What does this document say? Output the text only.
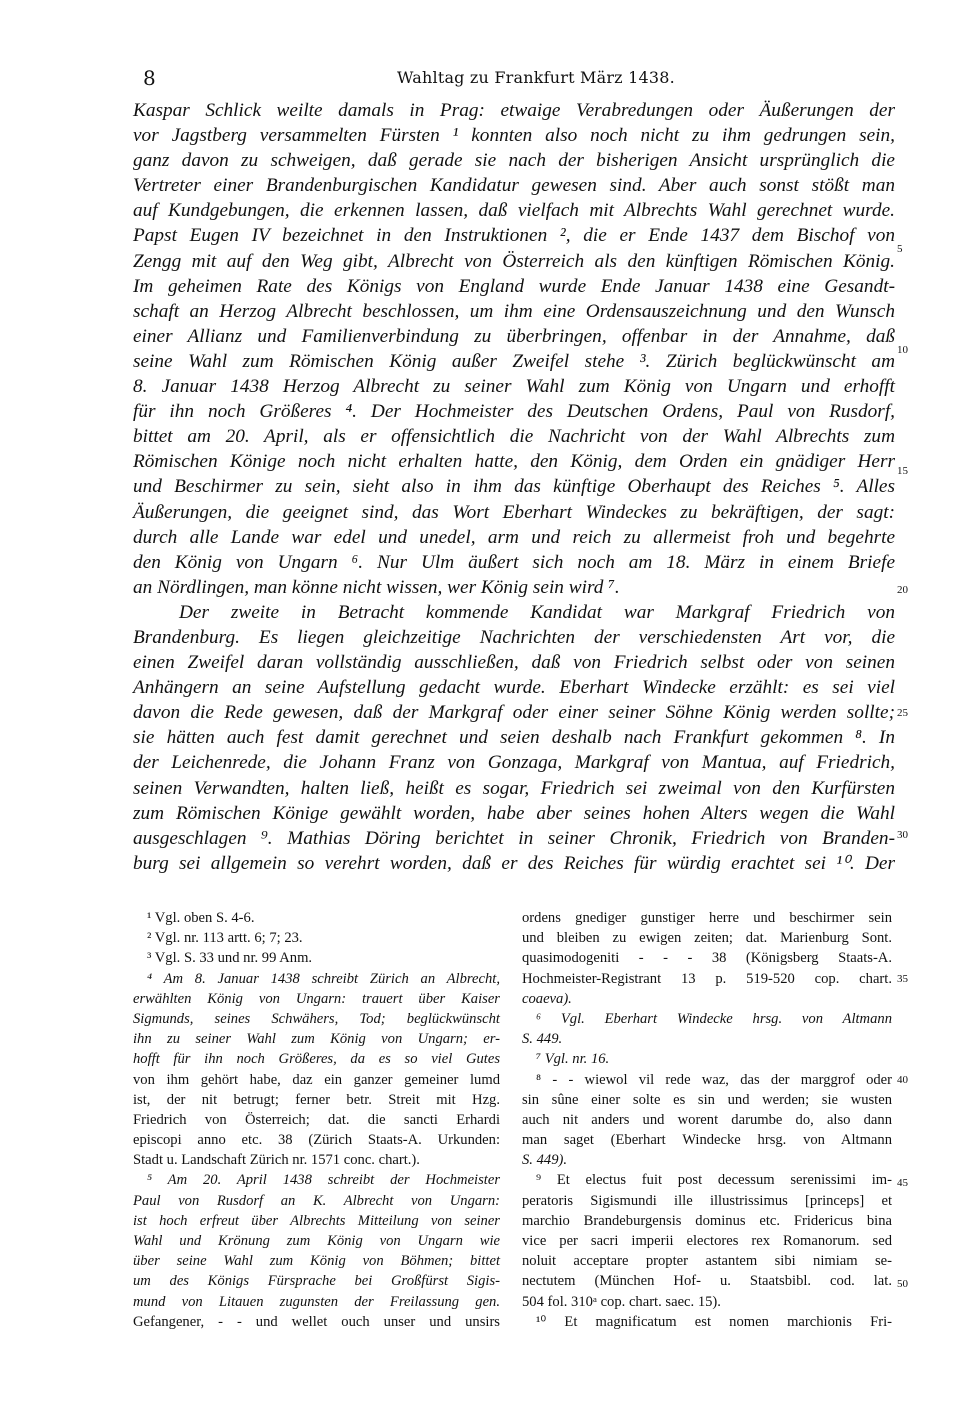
8	Wahltag zu Frankfurt März 1438.
Kaspar Schlick weilte damals in Prag: etwaige Verabredungen oder Äußerungen der
vor Jagstberg versammelten Fürsten ¹ konnten also noch nicht zu ihm gedrungen sein,
ganz davon zu schweigen, daß gerade sie nach der bisherigen Ansicht ursprünglich die
Vertreter einer Brandenburgischen Kandidatur gewesen sind. Aber auch sonst stößt man
auf Kundgebungen, die erkennen lassen, daß vielfach mit Albrechts Wahl gerechnet wurde.
Papst Eugen IV bezeichnet in den Instruktionen ², die er Ende 1437 dem Bischof von
Zengg mit auf den Weg gibt, Albrecht von Österreich als den künftigen Römischen König.
Im geheimen Rate des Königs von England wurde Ende Januar 1438 eine Gesandt-
schaft an Herzog Albrecht beschlossen, um ihm eine Ordensauszeichnung und den Wunsch
einer Allianz und Familienverbindung zu überbringen, offenbar in der Annahme, daß
seine Wahl zum Römischen König außer Zweifel stehe ³. Zürich beglückwünscht am
8. Januar 1438 Herzog Albrecht zu seiner Wahl zum König von Ungarn und erhofft
für ihn noch Größeres ⁴. Der Hochmeister des Deutschen Ordens, Paul von Rusdorf,
bittet am 20. April, als er offensichtlich die Nachricht von der Wahl Albrechts zum
Römischen Könige noch nicht erhalten hatte, den König, dem Orden ein gnädiger Herr
und Beschirmer zu sein, sieht also in ihm das künftige Oberhaupt des Reiches ⁵. Alles
Äußerungen, die geeignet sind, das Wort Eberhart Windeckes zu bekräftigen, der sagt:
durch alle Lande war edel und unedel, arm und reich zu allermeist froh und begehrte
den König von Ungarn ⁶. Nur Ulm äußert sich noch am 18. März in einem Briefe
an Nördlingen, man könne nicht wissen, wer König sein wird ⁷.
Der zweite in Betracht kommende Kandidat war Markgraf Friedrich von
Brandenburg. Es liegen gleichzeitige Nachrichten der verschiedensten Art vor, die
einen Zweifel daran vollständig ausschließen, daß von Friedrich selbst oder von seinen
Anhängern an seine Aufstellung gedacht wurde. Eberhart Windecke erzählt: es sei viel
davon die Rede gewesen, daß der Markgraf oder einer seiner Söhne König werden sollte;
sie hätten auch fest damit gerechnet und seien deshalb nach Frankfurt gekommen ⁸. In
der Leichenrede, die Johann Franz von Gonzaga, Markgraf von Mantua, auf Friedrich,
seinen Verwandten, halten ließ, heißt es sogar, Friedrich sei zweimal von den Kurfürsten
zum Römischen Könige gewählt worden, habe aber seines hohen Alters wegen die Wahl
ausgeschlagen ⁹. Mathias Döring berichtet in seiner Chronik, Friedrich von Branden-
burg sei allgemein so verehrt worden, daß er des Reiches für würdig erachtet sei ¹⁰. Der
5
10
15
20
25
30
¹ Vgl. oben S. 4-6.
² Vgl. nr. 113 artt. 6; 7; 23.
³ Vgl. S. 33 und nr. 99 Anm.
⁴ Am 8. Januar 1438 schreibt Zürich an Albrecht,
erwählten König von Ungarn: trauert über Kaiser
Sigmunds, seines Schwähers, Tod; beglückwünscht
ihn zu seiner Wahl zum König von Ungarn; er-
hofft für ihn noch Größeres, da es so viel Gutes
von ihm gehört habe, daz ein ganzer gemeiner lumd
ist, der nit betrugt; ferner betr. Streit mit Hzg.
Friedrich von Österreich; dat. die sancti Erhardi
episcopi anno etc. 38 (Zürich Staats-A. Urkunden:
Stadt u. Landschaft Zürich nr. 1571 conc. chart.).
⁵ Am 20. April 1438 schreibt der Hochmeister
Paul von Rusdorf an K. Albrecht von Ungarn:
ist hoch erfreut über Albrechts Mitteilung von seiner
Wahl und Krönung zum König von Ungarn wie
über seine Wahl zum König von Böhmen; bittet
um des Königs Fürsprache bei Großfürst Sigis-
mund von Litauen zugunsten der Freilassung gen.
Gefangener, - - und wellet ouch unser und unsirs
ordens gnediger gunstiger herre und beschirmer sein
und bleiben zu ewigen zeiten; dat. Marienburg Sont.
quasimodogeniti - - - 38 (Königsberg Staats-A.
Hochmeister-Registrant 13 p. 519-520 cop. chart.
coaeva).
⁶ Vgl. Eberhart Windecke hrsg. von Altmann
S. 449.
⁷ Vgl. nr. 16.
⁸ - - wiewol vil rede waz, das der marggrof oder
sin sûne einer solte es sin und werden; sie wusten
auch nit anders und worent darumbe do, also dann
man saget (Eberhart Windecke hrsg. von Altmann
S. 449).
⁹ Et electus fuit post decessum serenissimi im-
peratoris Sigismundi ille illustrissimus [princeps] et
marchio Brandeburgensis dominus etc. Fridericus bina
vice per sacri imperii electores rex Romanorum. sed
noluit acceptare propter astantem sibi nimiam se-
nectutem (München Hof- u. Staatsbibl. cod. lat.
504 fol. 310ᵃ cop. chart. saec. 15).
¹⁰ Et magnificatum est nomen marchionis Fri-
35
40
45
50
